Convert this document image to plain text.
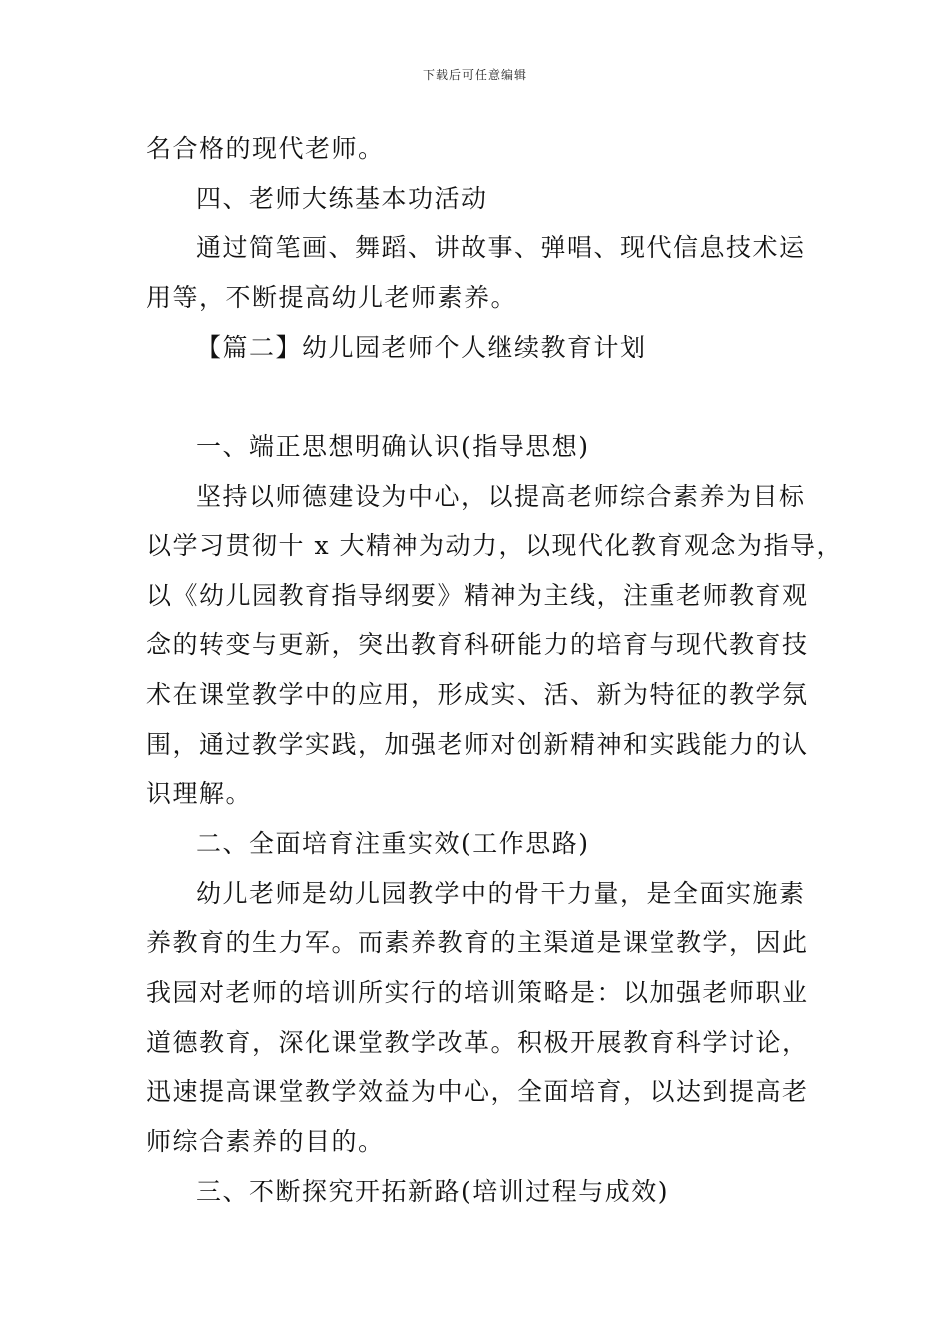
下载后可任意编辑
名合格的现代老师。
四、老师大练基本功活动
通过简笔画、舞蹈、讲故事、弹唱、现代信息技术运
用等，不断提高幼儿老师素养。
【篇二】幼儿园老师个人继续教育计划
一、端正思想明确认识(指导思想)
坚持以师德建设为中心，以提高老师综合素养为目标
以学习贯彻十 x 大精神为动力，以现代化教育观念为指导，
以《幼儿园教育指导纲要》精神为主线，注重老师教育观
念的转变与更新，突出教育科研能力的培育与现代教育技
术在课堂教学中的应用，形成实、活、新为特征的教学氛
围，通过教学实践，加强老师对创新精神和实践能力的认
识理解。
二、全面培育注重实效(工作思路)
幼儿老师是幼儿园教学中的骨干力量，是全面实施素
养教育的生力军。而素养教育的主渠道是课堂教学，因此
我园对老师的培训所实行的培训策略是：以加强老师职业
道德教育，深化课堂教学改革。积极开展教育科学讨论，
迅速提高课堂教学效益为中心，全面培育，以达到提高老
师综合素养的目的。
三、不断探究开拓新路(培训过程与成效)
